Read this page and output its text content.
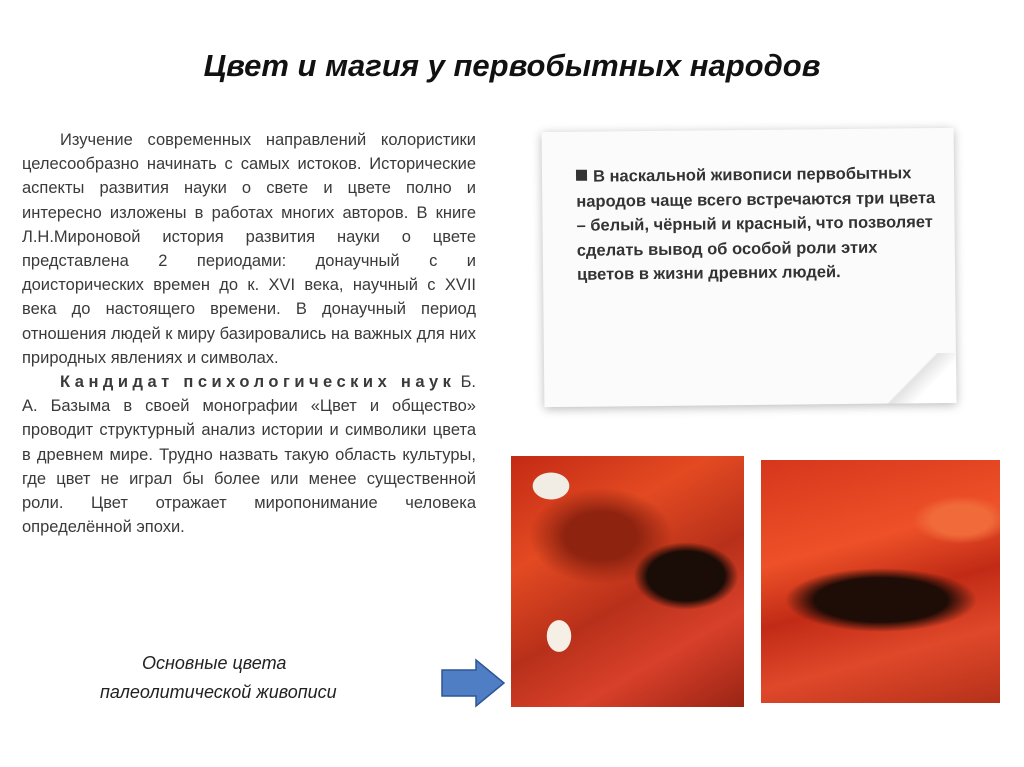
Цвет и магия у первобытных народов

Изучение современных направлений колористики целесообразно начинать с самых истоков. Исторические аспекты развития науки о свете и цвете полно и интересно изложены в работах многих авторов. В книге Л.Н.Мироновой история развития науки о цвете представлена 2 периодами: донаучный с и доисторических времен до к. XVI века, научный с XVII века до настоящего времени. В донаучный период отношения людей к миру базировались на важных для них природных явлениях и символах.

Кандидат психологических наук Б. А. Базыма в своей монографии «Цвет и общество» проводит структурный анализ истории и символики цвета в древнем мире. Трудно назвать такую область культуры, где цвет не играл бы более или менее существенной роли. Цвет отражает миропонимание человека определённой эпохи.

В наскальной живописи первобытных народов чаще всего встречаются три цвета – белый, чёрный и красный, что позволяет сделать вывод об особой роли этих цветов в жизни древних людей.

Основные цвета
палеолитической живописи
